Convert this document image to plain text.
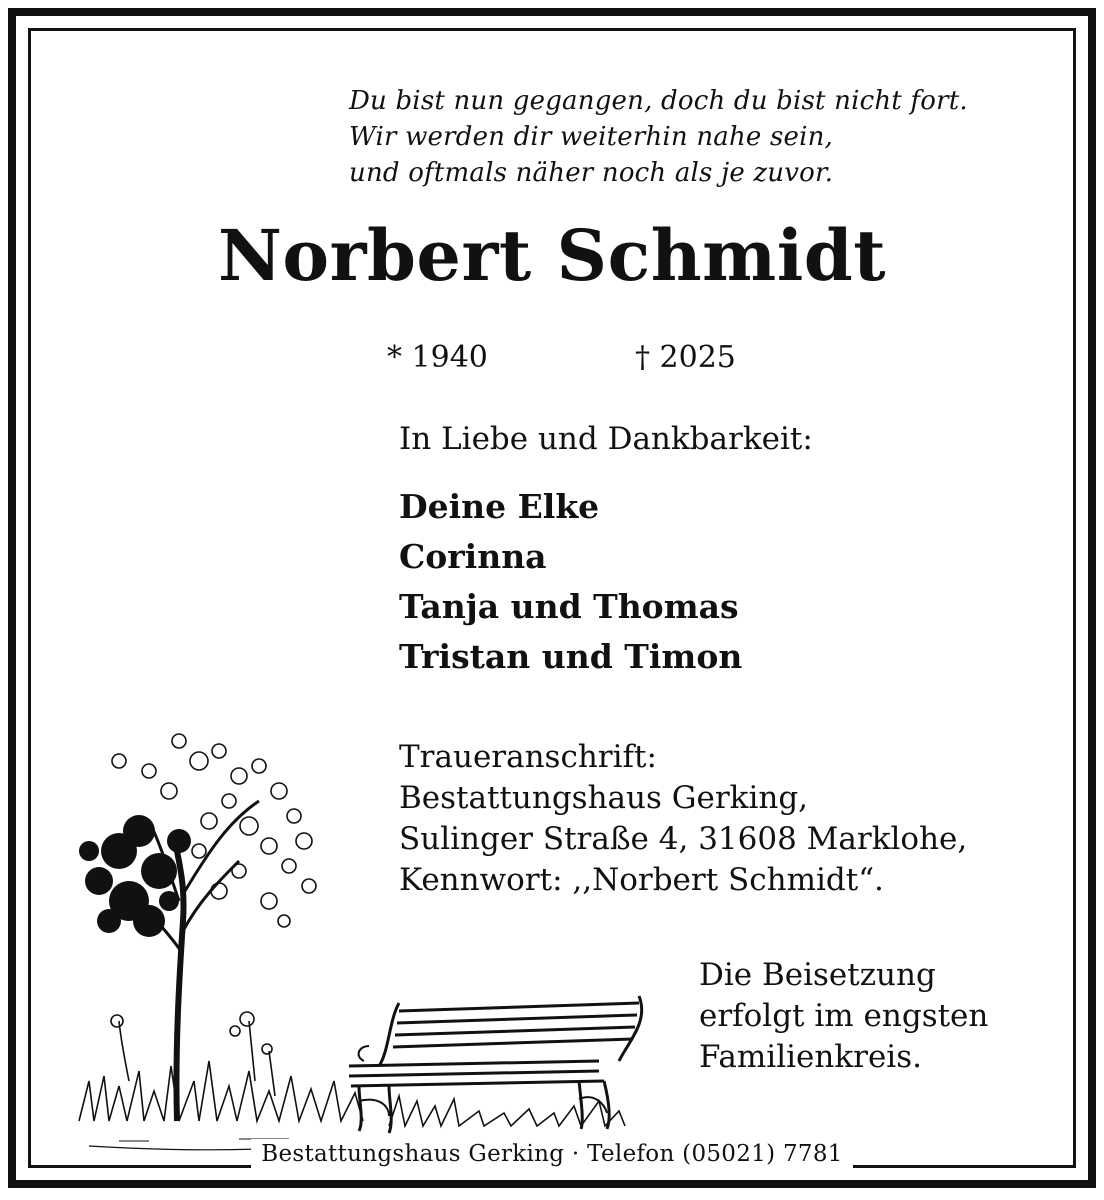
Du bist nun gegangen, doch du bist nicht fort.
Wir werden dir weiterhin nahe sein,
und oftmals näher noch als je zuvor.
Norbert Schmidt
* 1940	† 2025
In Liebe und Dankbarkeit:
Deine Elke
Corinna
Tanja und Thomas
Tristan und Timon
Traueranschrift:
Bestattungshaus Gerking,
Sulinger Straße 4, 31608 Marklohe,
Kennwort: ,,Norbert Schmidt“.
Die Beisetzung
erfolgt im engsten
Familienkreis.
Bestattungshaus Gerking · Telefon (05021) 7781
